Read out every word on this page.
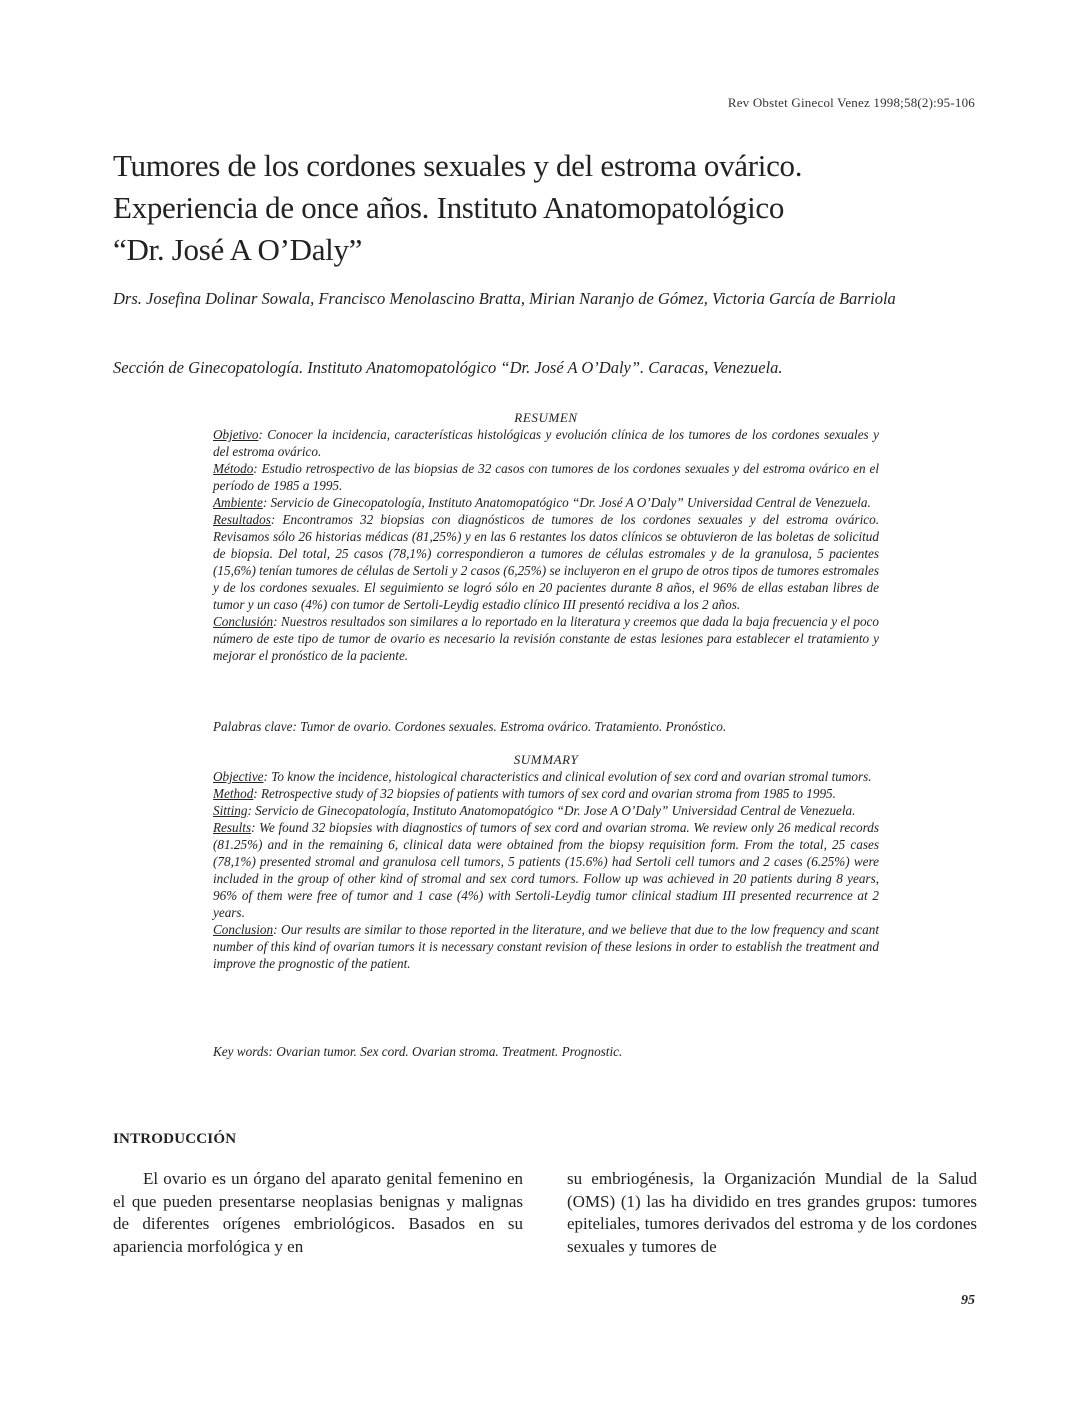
Rev Obstet Ginecol Venez 1998;58(2):95-106
Tumores de los cordones sexuales y del estroma ovárico.
Experiencia de once años. Instituto Anatomopatológico
“Dr. José A O’Daly”
Drs. Josefina Dolinar Sowala, Francisco Menolascino Bratta, Mirian Naranjo de Gómez, Victoria García de Barriola
Sección de Ginecopatología. Instituto Anatomopatológico “Dr. José A O’Daly”. Caracas, Venezuela.

RESUMEN

Objetivo: Conocer la incidencia, características histológicas y evolución clínica de los tumores de los cordones sexuales y del estroma ovárico.

Método: Estudio retrospectivo de las biopsias de 32 casos con tumores de los cordones sexuales y del estroma ovárico en el período de 1985 a 1995.

Ambiente: Servicio de Ginecopatología, Instituto Anatomopatógico “Dr. José A O’Daly” Universidad Central de Venezuela.

Resultados: Encontramos 32 biopsias con diagnósticos de tumores de los cordones sexuales y del estroma ovárico. Revisamos sólo 26 historias médicas (81,25%) y en las 6 restantes los datos clínicos se obtuvieron de las boletas de solicitud de biopsia. Del total, 25 casos (78,1%) correspondieron a tumores de células estromales y de la granulosa, 5 pacientes (15,6%) tenían tumores de células de Sertoli y 2 casos (6,25%) se incluyeron en el grupo de otros tipos de tumores estromales y de los cordones sexuales. El seguimiento se logró sólo en 20 pacientes durante 8 años, el 96% de ellas estaban libres de tumor y un caso (4%) con tumor de Sertoli-Leydig estadio clínico III presentó recidiva a los 2 años.

Conclusión: Nuestros resultados son similares a lo reportado en la literatura y creemos que dada la baja frecuencia y el poco número de este tipo de tumor de ovario es necesario la revisión constante de estas lesiones para establecer el tratamiento y mejorar el pronóstico de la paciente.

Palabras clave: Tumor de ovario. Cordones sexuales. Estroma ovárico. Tratamiento. Pronóstico.

SUMMARY

Objective: To know the incidence, histological characteristics and clinical evolution of sex cord and ovarian stromal tumors.

Method: Retrospective study of 32 biopsies of patients with tumors of sex cord and ovarian stroma from 1985 to 1995.

Sitting: Servicio de Ginecopatología, Instituto Anatomopatógico “Dr. Jose A O’Daly” Universidad Central de Venezuela.

Results: We found 32 biopsies with diagnostics of tumors of sex cord and ovarian stroma. We review only 26 medical records (81.25%) and in the remaining 6, clinical data were obtained from the biopsy requisition form. From the total, 25 cases (78,1%) presented stromal and granulosa cell tumors, 5 patients (15.6%) had Sertoli cell tumors and 2 cases (6.25%) were included in the group of other kind of stromal and sex cord tumors. Follow up was achieved in 20 patients during 8 years, 96% of them were free of tumor and 1 case (4%) with Sertoli-Leydig tumor clinical stadium III presented recurrence at 2 years.

Conclusion: Our results are similar to those reported in the literature, and we believe that due to the low frequency and scant number of this kind of ovarian tumors it is necessary constant revision of these lesions in order to establish the treatment and improve the prognostic of the patient.

Key words: Ovarian tumor. Sex cord. Ovarian stroma. Treatment. Prognostic.
INTRODUCCIÓN

El ovario es un órgano del aparato genital femenino en el que pueden presentarse neoplasias benignas y malignas de diferentes orígenes embriológicos. Basados en su apariencia morfológica y en

su embriogénesis, la Organización Mundial de la Salud (OMS) (1) las ha dividido en tres grandes grupos: tumores epiteliales, tumores derivados del estroma y de los cordones sexuales y tumores de

95
